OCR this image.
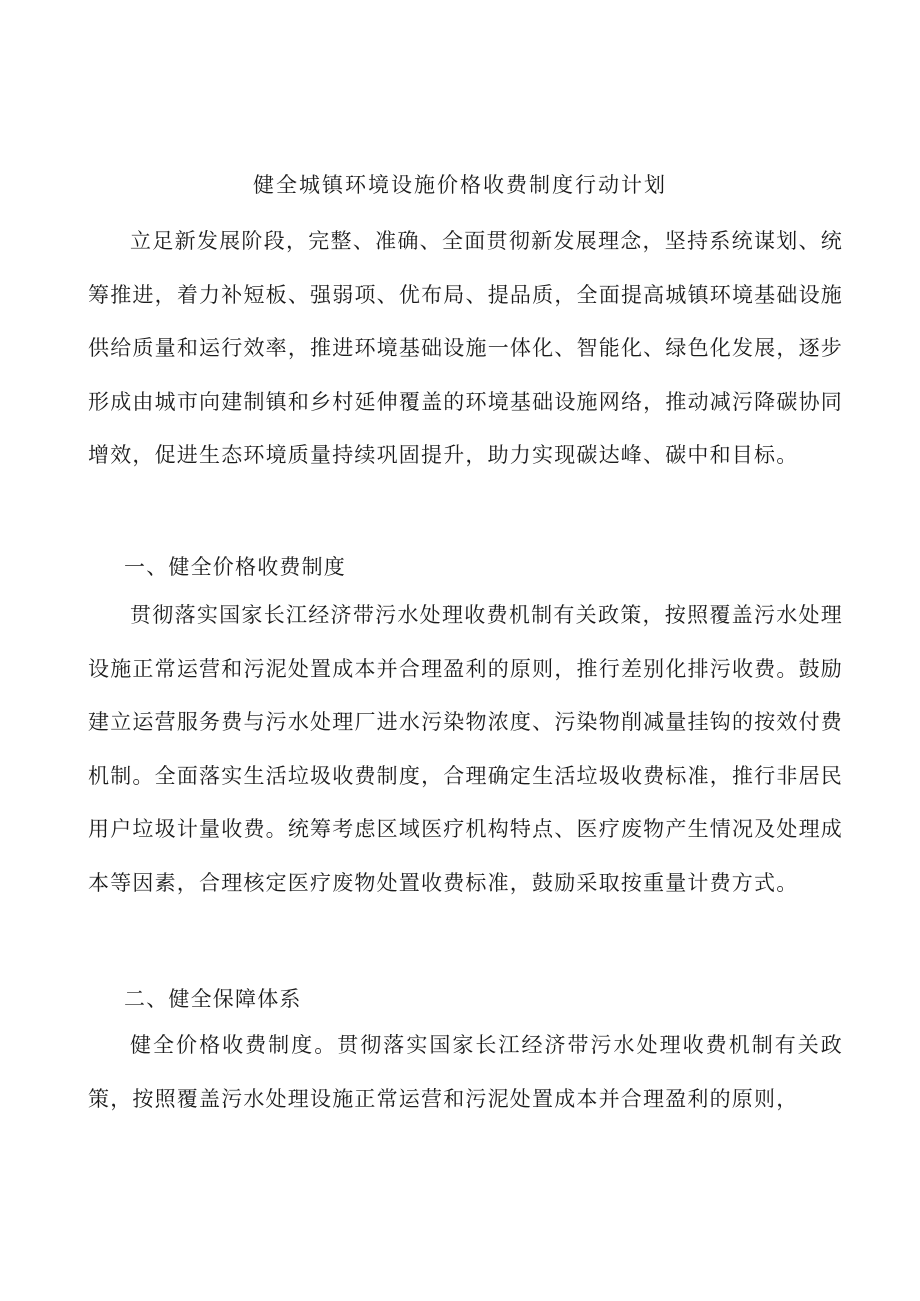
健全城镇环境设施价格收费制度行动计划

立足新发展阶段，完整、准确、全面贯彻新发展理念，坚持系统谋划、统筹推进，着力补短板、强弱项、优布局、提品质，全面提高城镇环境基础设施供给质量和运行效率，推进环境基础设施一体化、智能化、绿色化发展，逐步形成由城市向建制镇和乡村延伸覆盖的环境基础设施网络，推动减污降碳协同增效，促进生态环境质量持续巩固提升，助力实现碳达峰、碳中和目标。

一、健全价格收费制度

贯彻落实国家长江经济带污水处理收费机制有关政策，按照覆盖污水处理设施正常运营和污泥处置成本并合理盈利的原则，推行差别化排污收费。鼓励建立运营服务费与污水处理厂进水污染物浓度、污染物削减量挂钩的按效付费机制。全面落实生活垃圾收费制度，合理确定生活垃圾收费标准，推行非居民用户垃圾计量收费。统筹考虑区域医疗机构特点、医疗废物产生情况及处理成本等因素，合理核定医疗废物处置收费标准，鼓励采取按重量计费方式。

二、健全保障体系

健全价格收费制度。贯彻落实国家长江经济带污水处理收费机制有关政策，按照覆盖污水处理设施正常运营和污泥处置成本并合理盈利的原则，
